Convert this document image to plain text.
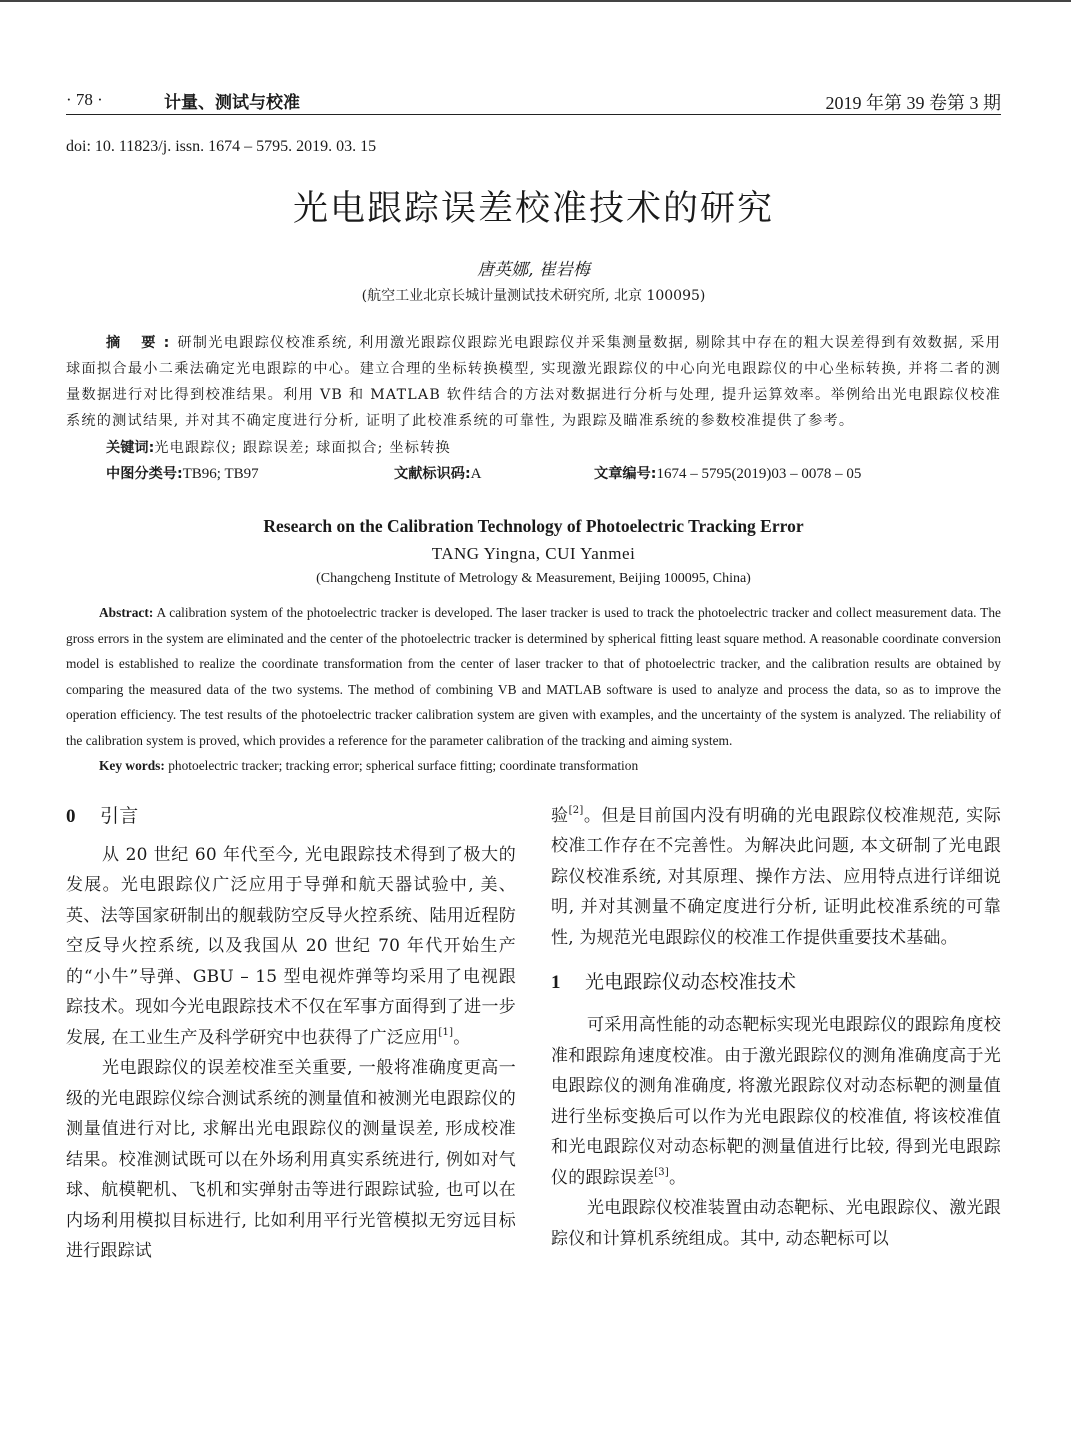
· 78 ·	计量、测试与校准	2019 年第 39 卷第 3 期
doi: 10. 11823/j. issn. 1674 – 5795. 2019. 03. 15
光电跟踪误差校准技术的研究
唐英娜, 崔岩梅
(航空工业北京长城计量测试技术研究所, 北京 100095)
摘 要:研制光电跟踪仪校准系统, 利用激光跟踪仪跟踪光电跟踪仪并采集测量数据, 剔除其中存在的粗大误差得到有效数据, 采用球面拟合最小二乘法确定光电跟踪的中心。建立合理的坐标转换模型, 实现激光跟踪仪的中心向光电跟踪仪的中心坐标转换, 并将二者的测量数据进行对比得到校准结果。利用 VB 和 MATLAB 软件结合的方法对数据进行分析与处理, 提升运算效率。举例给出光电跟踪仪校准系统的测试结果, 并对其不确定度进行分析, 证明了此校准系统的可靠性, 为跟踪及瞄准系统的参数校准提供了参考。
关键词:光电跟踪仪; 跟踪误差; 球面拟合; 坐标转换
中图分类号:TB96; TB97	文献标识码:A	文章编号:1674 – 5795(2019)03 – 0078 – 05
Research on the Calibration Technology of Photoelectric Tracking Error
TANG Yingna, CUI Yanmei
(Changcheng Institute of Metrology & Measurement, Beijing 100095, China)
Abstract: A calibration system of the photoelectric tracker is developed. The laser tracker is used to track the photoelectric tracker and collect measurement data. The gross errors in the system are eliminated and the center of the photoelectric tracker is determined by spherical fitting least square method. A reasonable coordinate conversion model is established to realize the coordinate transformation from the center of laser tracker to that of photoelectric tracker, and the calibration results are obtained by comparing the measured data of the two systems. The method of combining VB and MATLAB software is used to analyze and process the data, so as to improve the operation efficiency. The test results of the photoelectric tracker calibration system are given with examples, and the uncertainty of the system is analyzed. The reliability of the calibration system is proved, which provides a reference for the parameter calibration of the tracking and aiming system.
Key words: photoelectric tracker; tracking error; spherical surface fitting; coordinate transformation
0 引言

从 20 世纪 60 年代至今, 光电跟踪技术得到了极大的发展。光电跟踪仪广泛应用于导弹和航天器试验中, 美、英、法等国家研制出的舰载防空反导火控系统、陆用近程防空反导火控系统, 以及我国从 20 世纪 70 年代开始生产的“小牛”导弹、GBU – 15 型电视炸弹等均采用了电视跟踪技术。现如今光电跟踪技术不仅在军事方面得到了进一步发展, 在工业生产及科学研究中也获得了广泛应用[1]。

光电跟踪仪的误差校准至关重要, 一般将准确度更高一级的光电跟踪仪综合测试系统的测量值和被测光电跟踪仪的测量值进行对比, 求解出光电跟踪仪的测量误差, 形成校准结果。校准测试既可以在外场利用真实系统进行, 例如对气球、航模靶机、飞机和实弹射击等进行跟踪试验, 也可以在内场利用模拟目标进行, 比如利用平行光管模拟无穷远目标进行跟踪试

验[2]。但是目前国内没有明确的光电跟踪仪校准规范, 实际校准工作存在不完善性。为解决此问题, 本文研制了光电跟踪仪校准系统, 对其原理、操作方法、应用特点进行详细说明, 并对其测量不确定度进行分析, 证明此校准系统的可靠性, 为规范光电跟踪仪的校准工作提供重要技术基础。

1 光电跟踪仪动态校准技术

可采用高性能的动态靶标实现光电跟踪仪的跟踪角度校准和跟踪角速度校准。由于激光跟踪仪的测角准确度高于光电跟踪仪的测角准确度, 将激光跟踪仪对动态标靶的测量值进行坐标变换后可以作为光电跟踪仪的校准值, 将该校准值和光电跟踪仪对动态标靶的测量值进行比较, 得到光电跟踪仪的跟踪误差[3]。

光电跟踪仪校准装置由动态靶标、光电跟踪仪、激光跟踪仪和计算机系统组成。其中, 动态靶标可以
